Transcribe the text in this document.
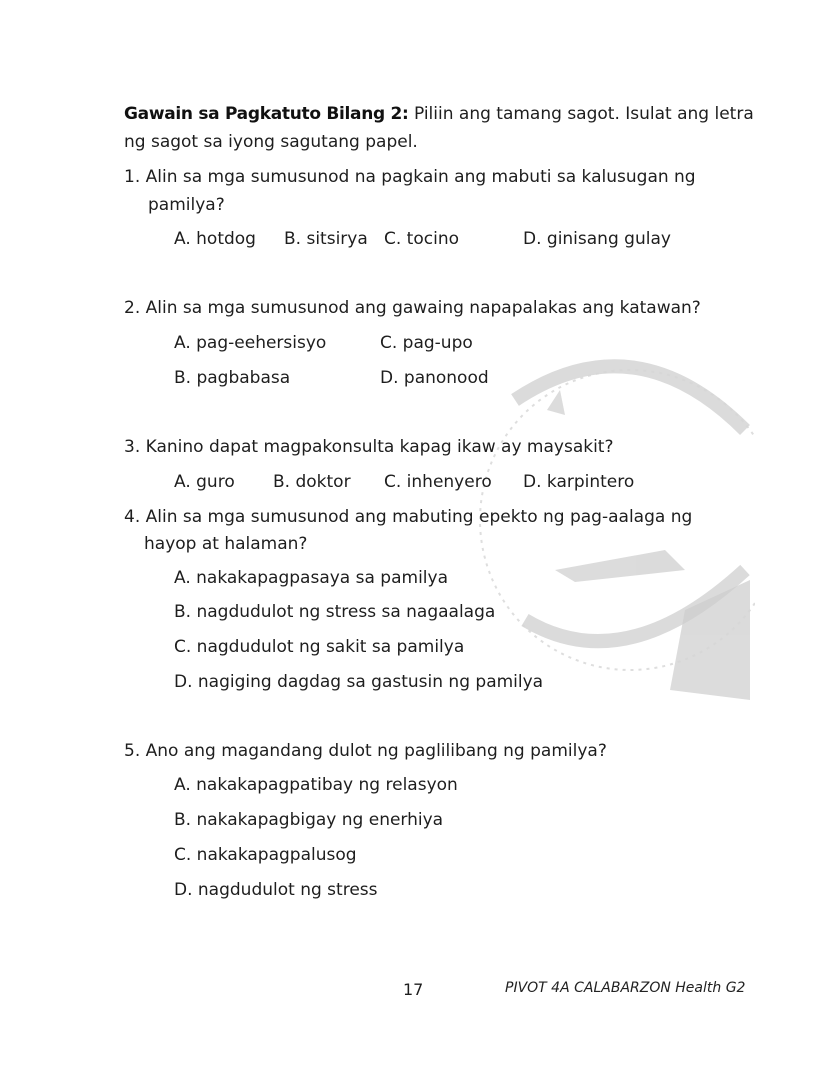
Gawain sa Pagkatuto Bilang 2: Piliin ang tamang sagot. Isulat ang letra
ng sagot sa iyong sagutang papel.
1. Alin sa mga sumusunod na pagkain ang mabuti sa kalusugan ng
pamilya?
A. hotdog B. sitsirya C. tocino	D. ginisang gulay
2. Alin sa mga sumusunod ang gawaing napapalakas ang katawan?
A. pag-eehersisyo	C. pag-upo
B. pagbabasa	D. panonood
3. Kanino dapat magpakonsulta kapag ikaw ay maysakit?
A. guro B. doktor C. inhenyero D. karpintero
4. Alin sa mga sumusunod ang mabuting epekto ng pag-aalaga ng
hayop at halaman?
A. nakakapagpasaya sa pamilya
B. nagdudulot ng stress sa nagaalaga
C. nagdudulot ng sakit sa pamilya
D. nagiging dagdag sa gastusin ng pamilya
5. Ano ang magandang dulot ng paglilibang ng pamilya?
A. nakakapagpatibay ng relasyon
B. nakakapagbigay ng enerhiya
C. nakakapagpalusog
D. nagdudulot ng stress
17	PIVOT 4A CALABARZON Health G2
